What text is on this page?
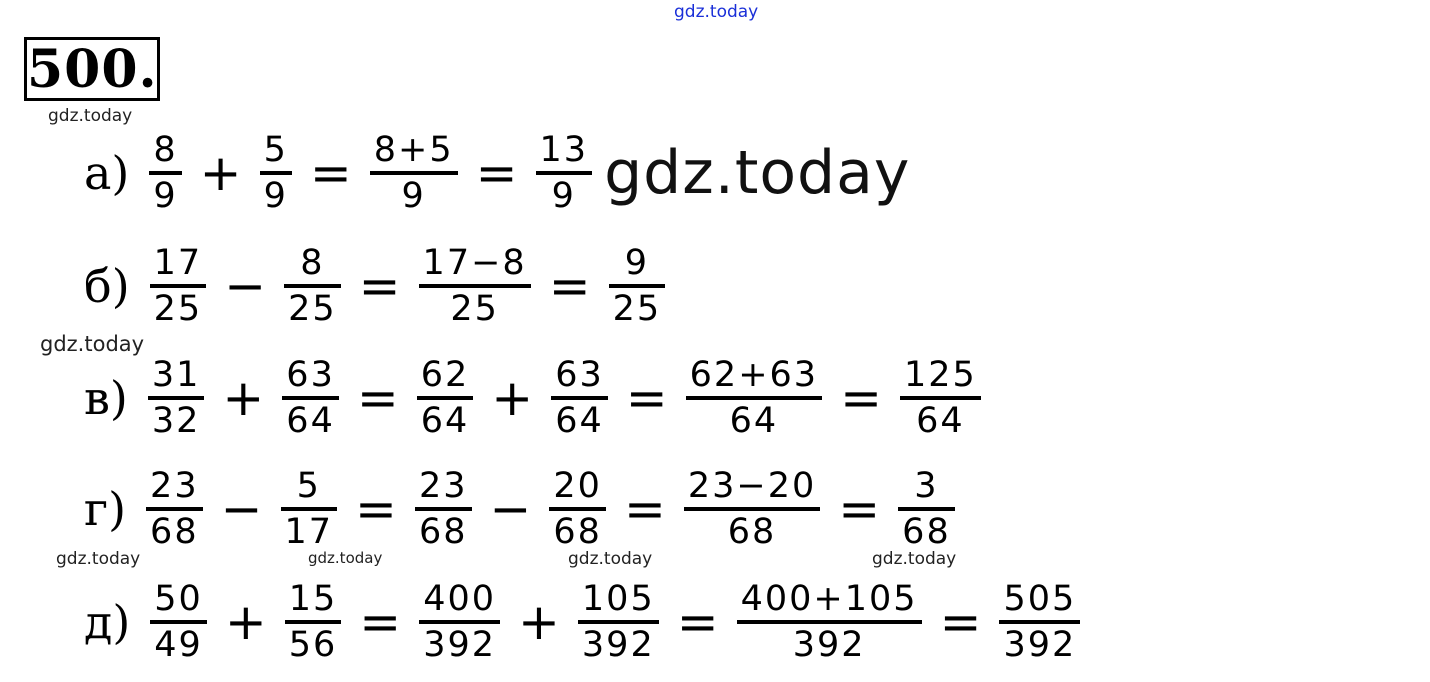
gdz.today
500.
gdz.today
gdz.today
gdz.today	gdz.today	gdz.today	gdz.today
$а) \frac{8}{9} + \frac{5}{9} = \frac{8+5}{9} = \frac{13}{9}$ gdz.today
$б) \frac{17}{25} - \frac{8}{25} = \frac{17-8}{25} = \frac{9}{25}$
$в) \frac{31}{32} + \frac{63}{64} = \frac{62}{64} + \frac{63}{64} = \frac{62+63}{64} = \frac{125}{64}$
$г) \frac{23}{68} - \frac{5}{17} = \frac{23}{68} - \frac{20}{68} = \frac{23-20}{68} = \frac{3}{68}$
$д) \frac{50}{49} + \frac{15}{56} = \frac{400}{392} + \frac{105}{392} = \frac{400+105}{392} = \frac{505}{392}$
